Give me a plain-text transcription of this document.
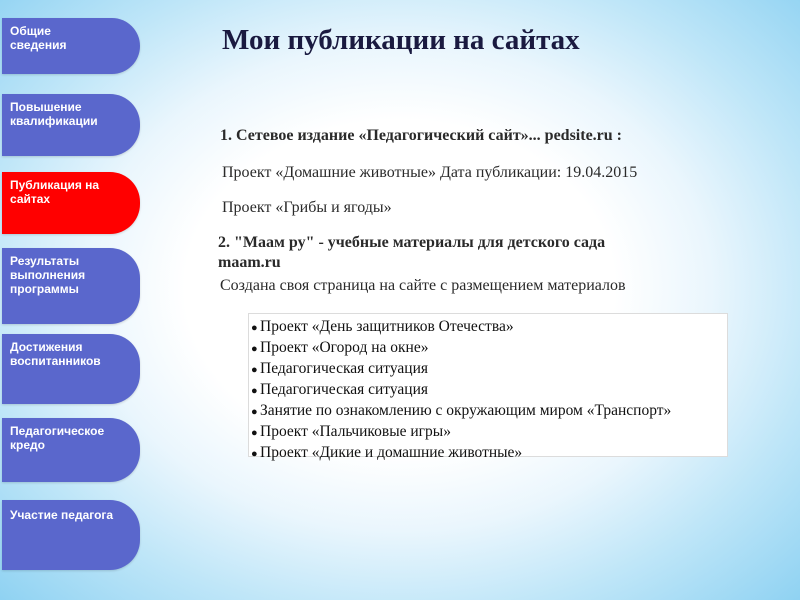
Общие сведения
Повышение квалификации
Публикация на сайтах
Результаты выполнения программы
Достижения воспитанников
Педагогическое кредо
Участие педагога
Мои публикации на сайтах
1. Сетевое издание «Педагогический сайт»... pedsite.ru :
Проект «Домашние животные» Дата публикации: 19.04.2015
Проект «Грибы и ягоды»
2. "Маам ру" - учебные материалы для детского сада
maam.ru
Создана своя страница на сайте с размещением материалов
● Проект «День защитников Отечества»
● Проект «Огород на окне»
● Педагогическая ситуация
● Педагогическая ситуация
● Занятие по ознакомлению с окружающим миром «Транспорт»
● Проект «Пальчиковые игры»
● Проект «Дикие и домашние животные»
